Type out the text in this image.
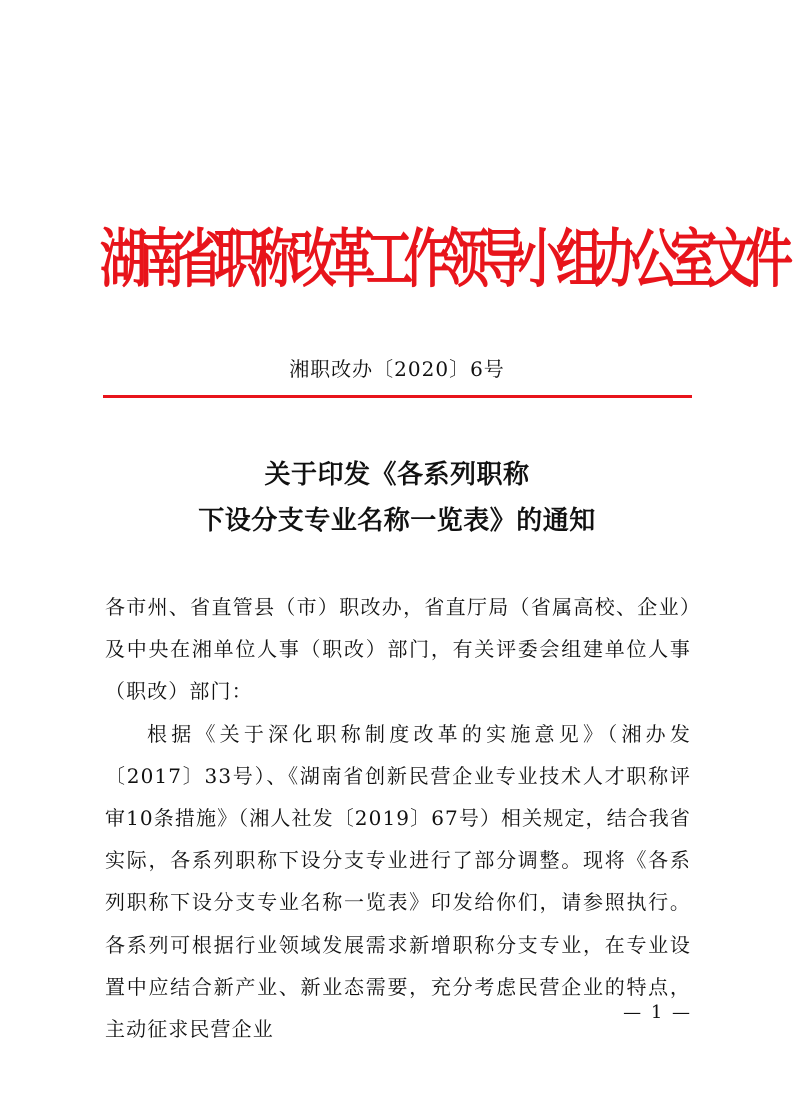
湖南省职称改革工作领导小组办公室文件
湘职改办〔2020〕6号
关于印发《各系列职称
下设分支专业名称一览表》的通知

各市州、省直管县（市）职改办，省直厅局（省属高校、企业）及中央在湘单位人事（职改）部门，有关评委会组建单位人事（职改）部门：

根据《关于深化职称制度改革的实施意见》（湘办发〔2017〕33号）、《湖南省创新民营企业专业技术人才职称评审10条措施》（湘人社发〔2019〕67号）相关规定，结合我省实际，各系列职称下设分支专业进行了部分调整。现将《各系列职称下设分支专业名称一览表》印发给你们，请参照执行。各系列可根据行业领域发展需求新增职称分支专业，在专业设置中应结合新产业、新业态需要，充分考虑民营企业的特点，主动征求民营企业

— 1 —
